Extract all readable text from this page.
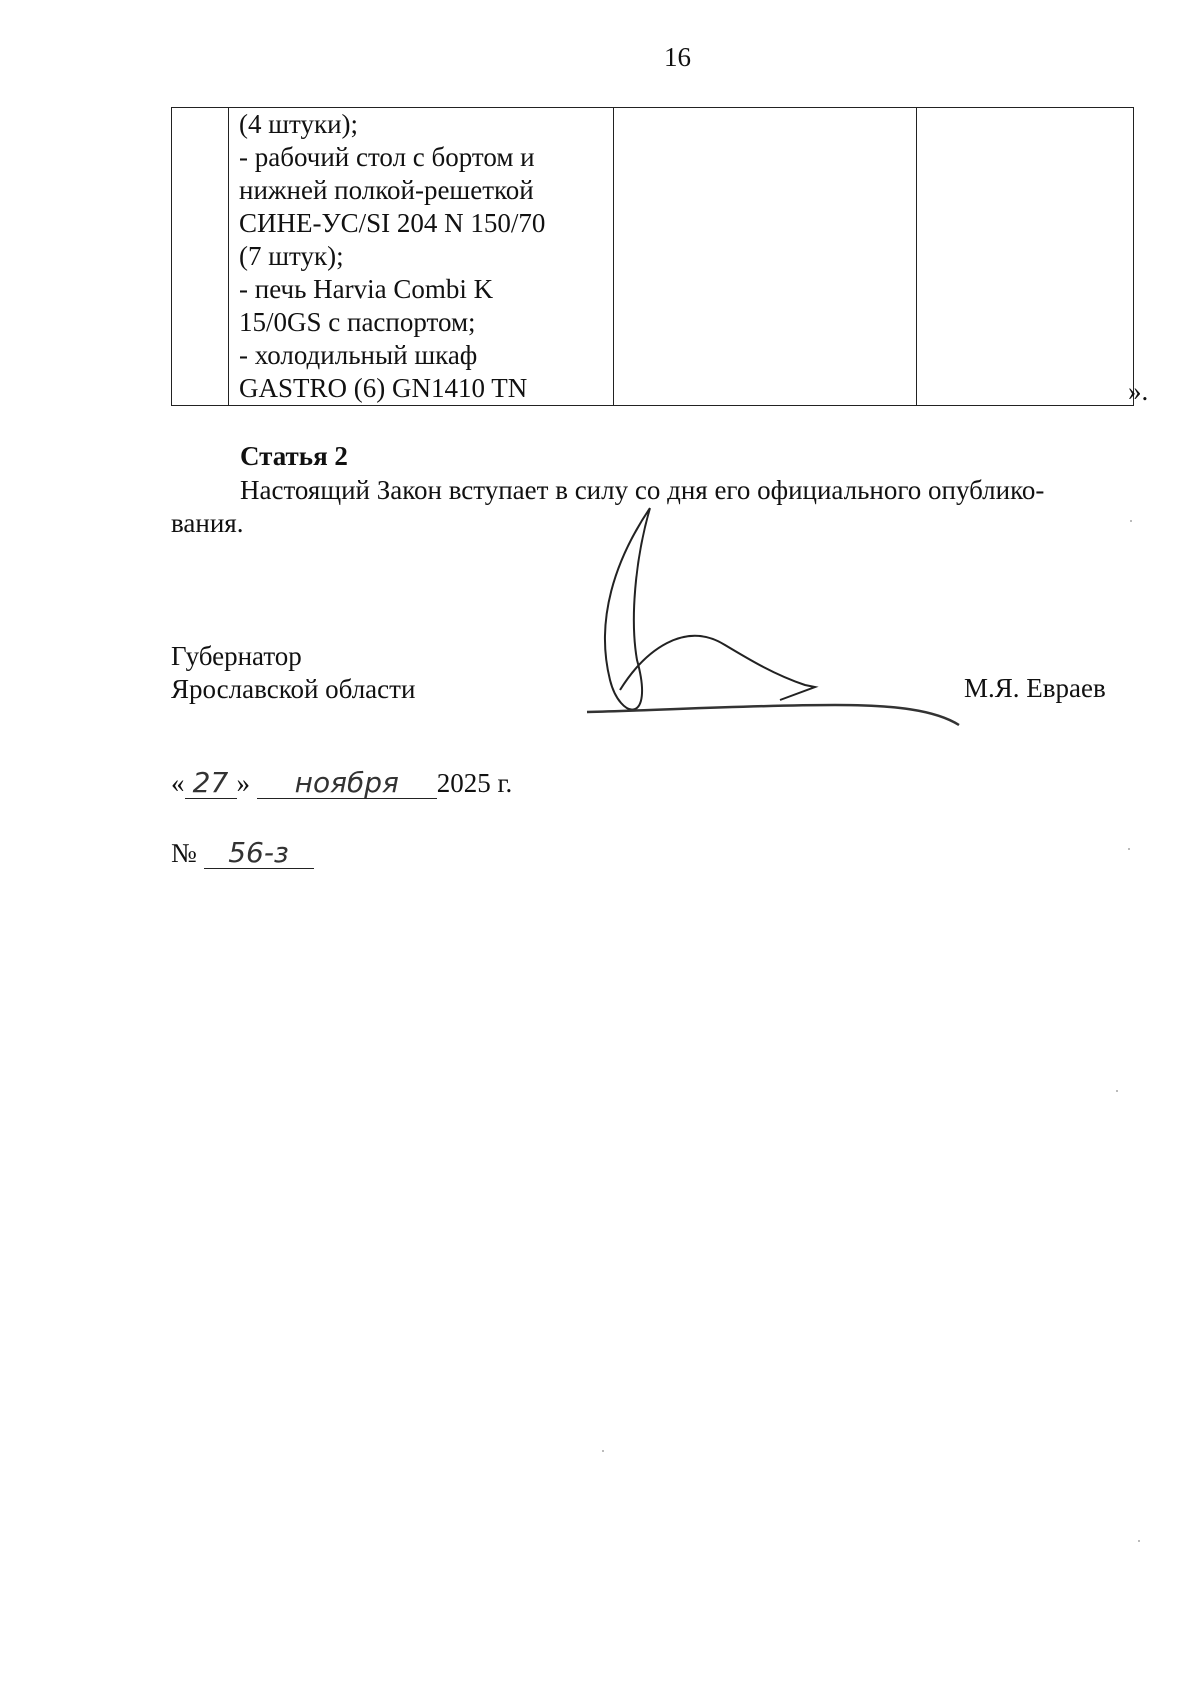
16

(4 штуки);
- рабочий стол с бортом и
нижней полкой-решеткой
СИНЕ-УС/SI 204 N 150/70
(7 штук);
- печь Harvia Combi K
15/0GS с паспортом;
- холодильный шкаф
GASTRO (6) GN1410 TN
			».
Статья 2
Настоящий Закон вступает в силу со дня его официального опублико-
вания.
Губернатор
Ярославской области	М.Я. Евраев
« 27 » ноября 2025 г.
№ 56-з
